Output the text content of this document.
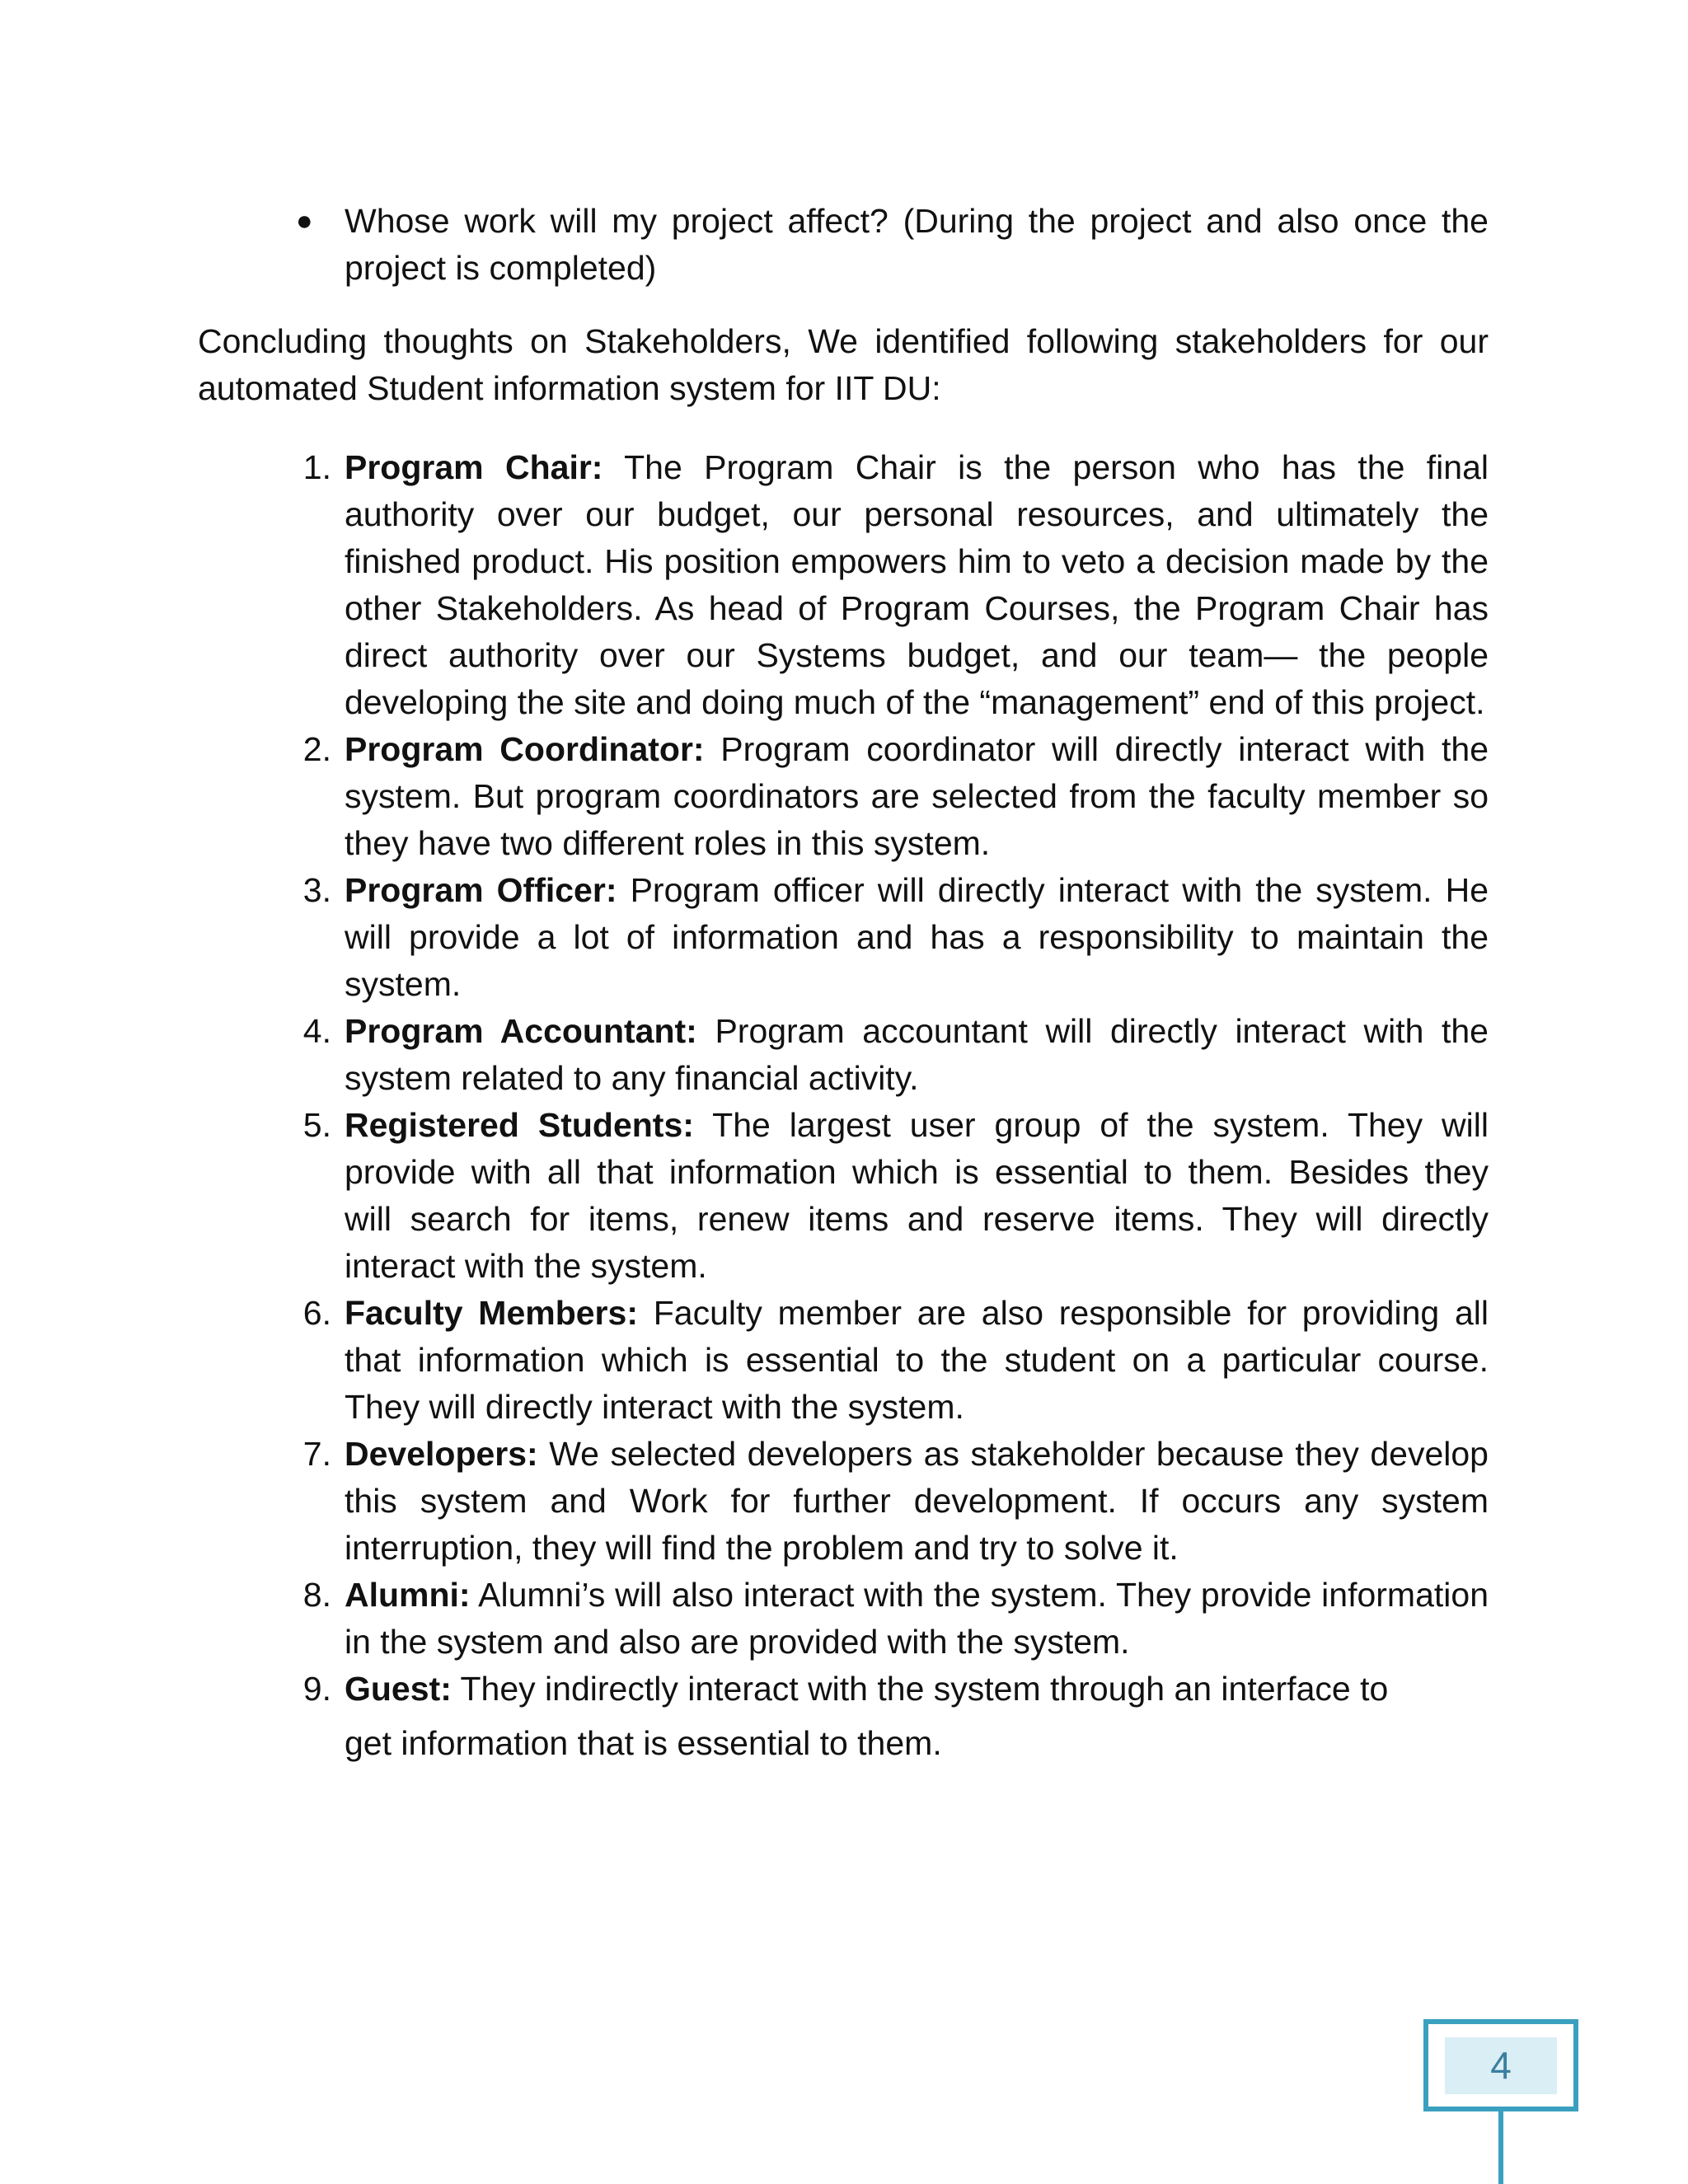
● Whose work will my project affect? (During the project and also once the project is completed)

Concluding thoughts on Stakeholders, We identified following stakeholders for our automated Student information system for IIT DU:

1. Program Chair: The Program Chair is the person who has the final authority over our budget, our personal resources, and ultimately the finished product. His position empowers him to veto a decision made by the other Stakeholders. As head of Program Courses, the Program Chair has direct authority over our Systems budget, and our team— the people developing the site and doing much of the “management” end of this project.
2. Program Coordinator: Program coordinator will directly interact with the system. But program coordinators are selected from the faculty member so they have two different roles in this system.
3. Program Officer: Program officer will directly interact with the system. He will provide a lot of information and has a responsibility to maintain the system.
4. Program Accountant: Program accountant will directly interact with the system related to any financial activity.
5. Registered Students: The largest user group of the system. They will provide with all that information which is essential to them. Besides they    will search for items, renew items and reserve items. They will directly interact with the system.
6. Faculty Members: Faculty member are also responsible for providing all that information which is essential to the student on a particular course. They will directly interact with the system.
7. Developers: We selected developers as stakeholder because they develop this system and Work for further development. If occurs any system interruption, they will find the problem and try to solve it.
8. Alumni: Alumni’s will also interact with the system. They provide information in the system and also are provided with the system.
9. Guest: They indirectly interact with the system through an interface to
get information that is essential to them.
4
